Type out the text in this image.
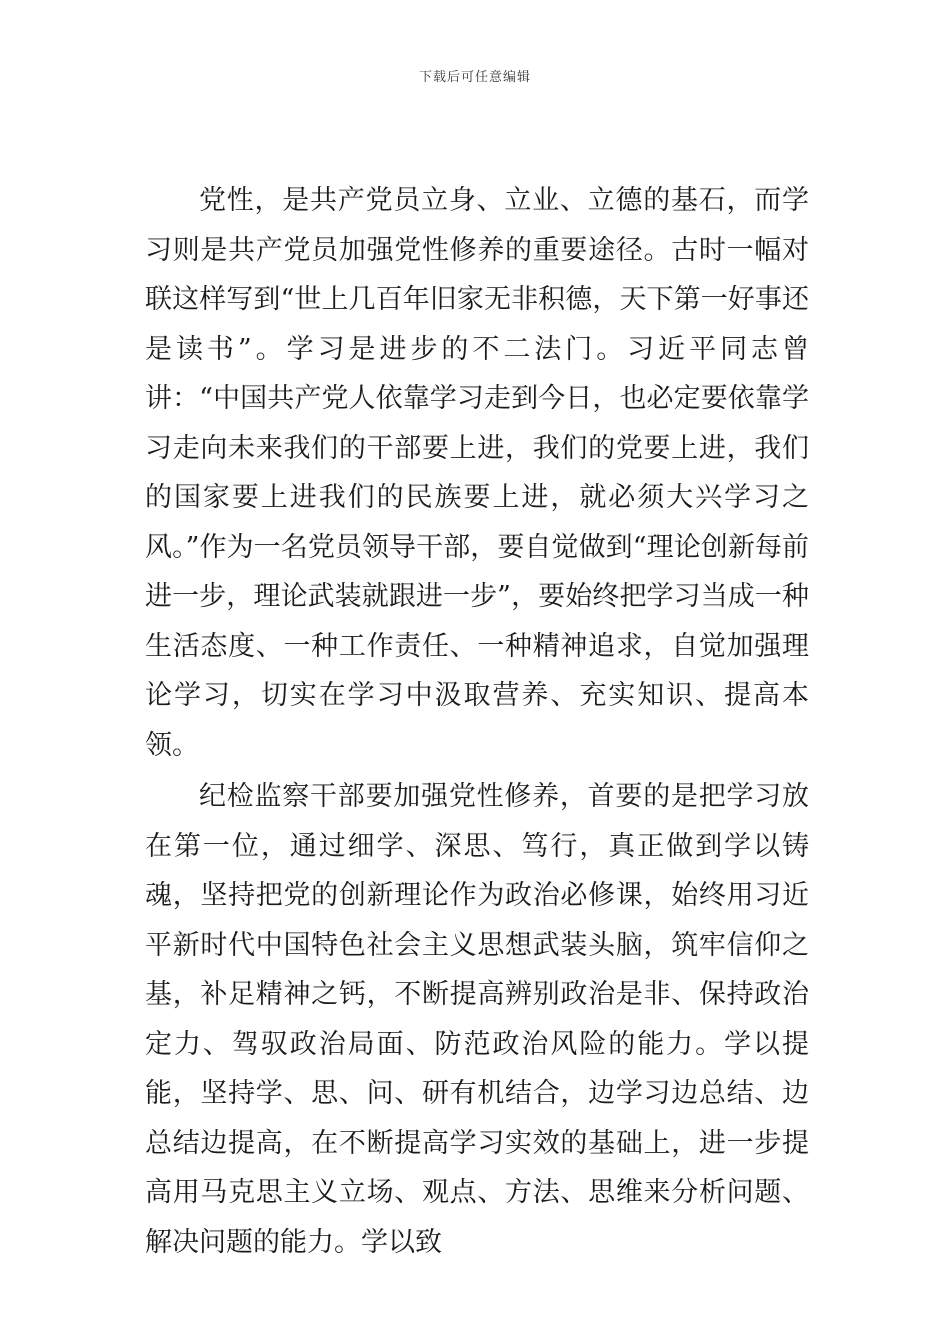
下载后可任意编辑

党性，是共产党员立身、立业、立德的基石，而学习则是共产党员加强党性修养的重要途径。古时一幅对联这样写到“世上几百年旧家无非积德，天下第一好事还是读书”。学习是进步的不二法门。习近平同志曾讲：“中国共产党人依靠学习走到今日，也必定要依靠学习走向未来我们的干部要上进，我们的党要上进，我们的国家要上进我们的民族要上进，就必须大兴学习之风。”作为一名党员领导干部，要自觉做到“理论创新每前进一步，理论武装就跟进一步”，要始终把学习当成一种生活态度、一种工作责任、一种精神追求，自觉加强理论学习，切实在学习中汲取营养、充实知识、提高本领。

纪检监察干部要加强党性修养，首要的是把学习放在第一位，通过细学、深思、笃行，真正做到学以铸魂，坚持把党的创新理论作为政治必修课，始终用习近平新时代中国特色社会主义思想武装头脑，筑牢信仰之基，补足精神之钙，不断提高辨别政治是非、保持政治定力、驾驭政治局面、防范政治风险的能力。学以提能，坚持学、思、问、研有机结合，边学习边总结、边总结边提高，在不断提高学习实效的基础上，进一步提高用马克思主义立场、观点、方法、思维来分析问题、解决问题的能力。学以致
